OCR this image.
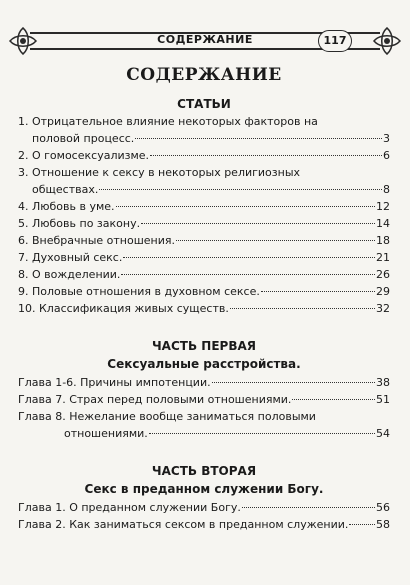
СОДЕРЖАНИЕ	117
СОДЕРЖАНИЕ
СТАТЬИ
1. Отрицательное влияние некоторых факторов на
половой процесс.	3
2. О гомосексуализме.	6
3. Отношение к сексу в некоторых религиозных
обществах.	8
4. Любовь в уме.	12
5. Любовь по закону.	14
6. Внебрачные отношения.	18
7. Духовный секс.	21
8. О вожделении.	26
9. Половые отношения в духовном сексе.	29
10. Классификация живых существ.	32
ЧАСТЬ ПЕРВАЯ
Сексуальные расстройства.
Глава 1-6. Причины импотенции.	38
Глава 7. Страх перед половыми отношениями.	51
Глава 8. Нежелание вообще заниматься половыми
отношениями.	54
ЧАСТЬ ВТОРАЯ
Секс в преданном служении Богу.
Глава 1. О преданном служении Богу.	56
Глава 2. Как заниматься сексом в преданном служении.	58
